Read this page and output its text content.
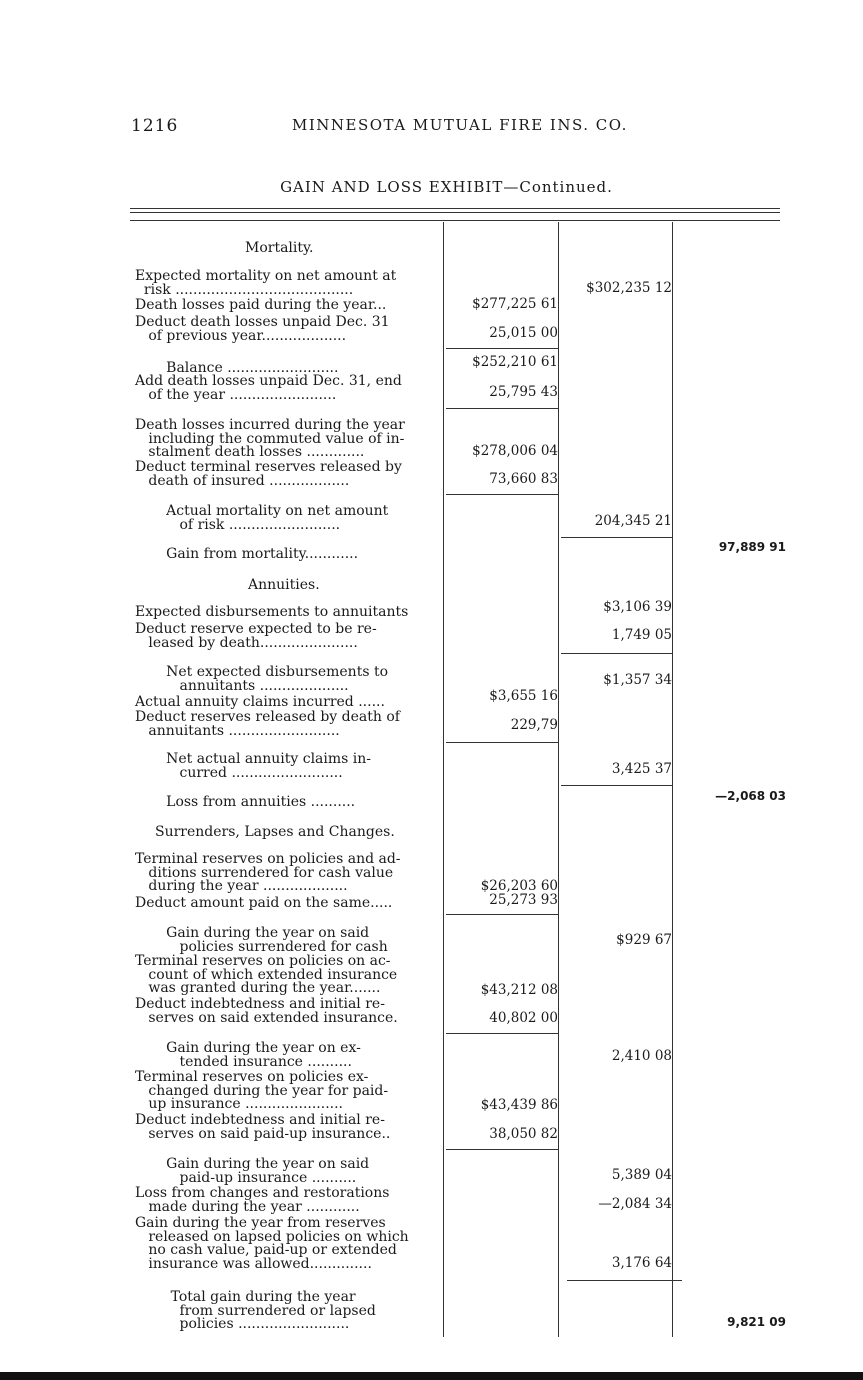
1216	MINNESOTA MUTUAL FIRE INS. CO.
GAIN AND LOSS EXHIBIT—Continued.
Mortality.
Expected mortality on net amount at
risk ........................................	$302,235 12
Death losses paid during the year...	$277,225 61
Deduct death losses unpaid Dec. 31
of previous year...................	25,015 00
Balance .........................	$252,210 61
Add death losses unpaid Dec. 31, end
of the year ........................	25,795 43
Death losses incurred during the year
including the commuted value of in-
stalment death losses .............	$278,006 04
Deduct terminal reserves released by
death of insured ..................	73,660 83
Actual mortality on net amount
of risk .........................	204,345 21
Gain from mortality............	97,889 91
Annuities.
Expected disbursements to annuitants	$3,106 39
Deduct reserve expected to be re-
leased by death......................	1,749 05
Net expected disbursements to
annuitants ....................	$1,357 34
Actual annuity claims incurred ......	$3,655 16
Deduct reserves released by death of
annuitants .........................	229,79
Net actual annuity claims in-
curred .........................	3,425 37
Loss from annuities ..........	—2,068 03
Surrenders, Lapses and Changes.
Terminal reserves on policies and ad-
ditions surrendered for cash value
during the year ...................	$26,203 60
Deduct amount paid on the same.....	25,273 93
Gain during the year on said
policies surrendered for cash	$929 67
Terminal reserves on policies on ac-
count of which extended insurance
was granted during the year.......	$43,212 08
Deduct indebtedness and initial re-
serves on said extended insurance.	40,802 00
Gain during the year on ex-
tended insurance ..........	2,410 08
Terminal reserves on policies ex-
changed during the year for paid-
up insurance ......................	$43,439 86
Deduct indebtedness and initial re-
serves on said paid-up insurance..	38,050 82
Gain during the year on said
paid-up insurance ..........	5,389 04
Loss from changes and restorations
made during the year ............	—2,084 34
Gain during the year from reserves
released on lapsed policies on which
no cash value, paid-up or extended
insurance was allowed..............	3,176 64
Total gain during the year
from surrendered or lapsed
policies .........................	9,821 09
